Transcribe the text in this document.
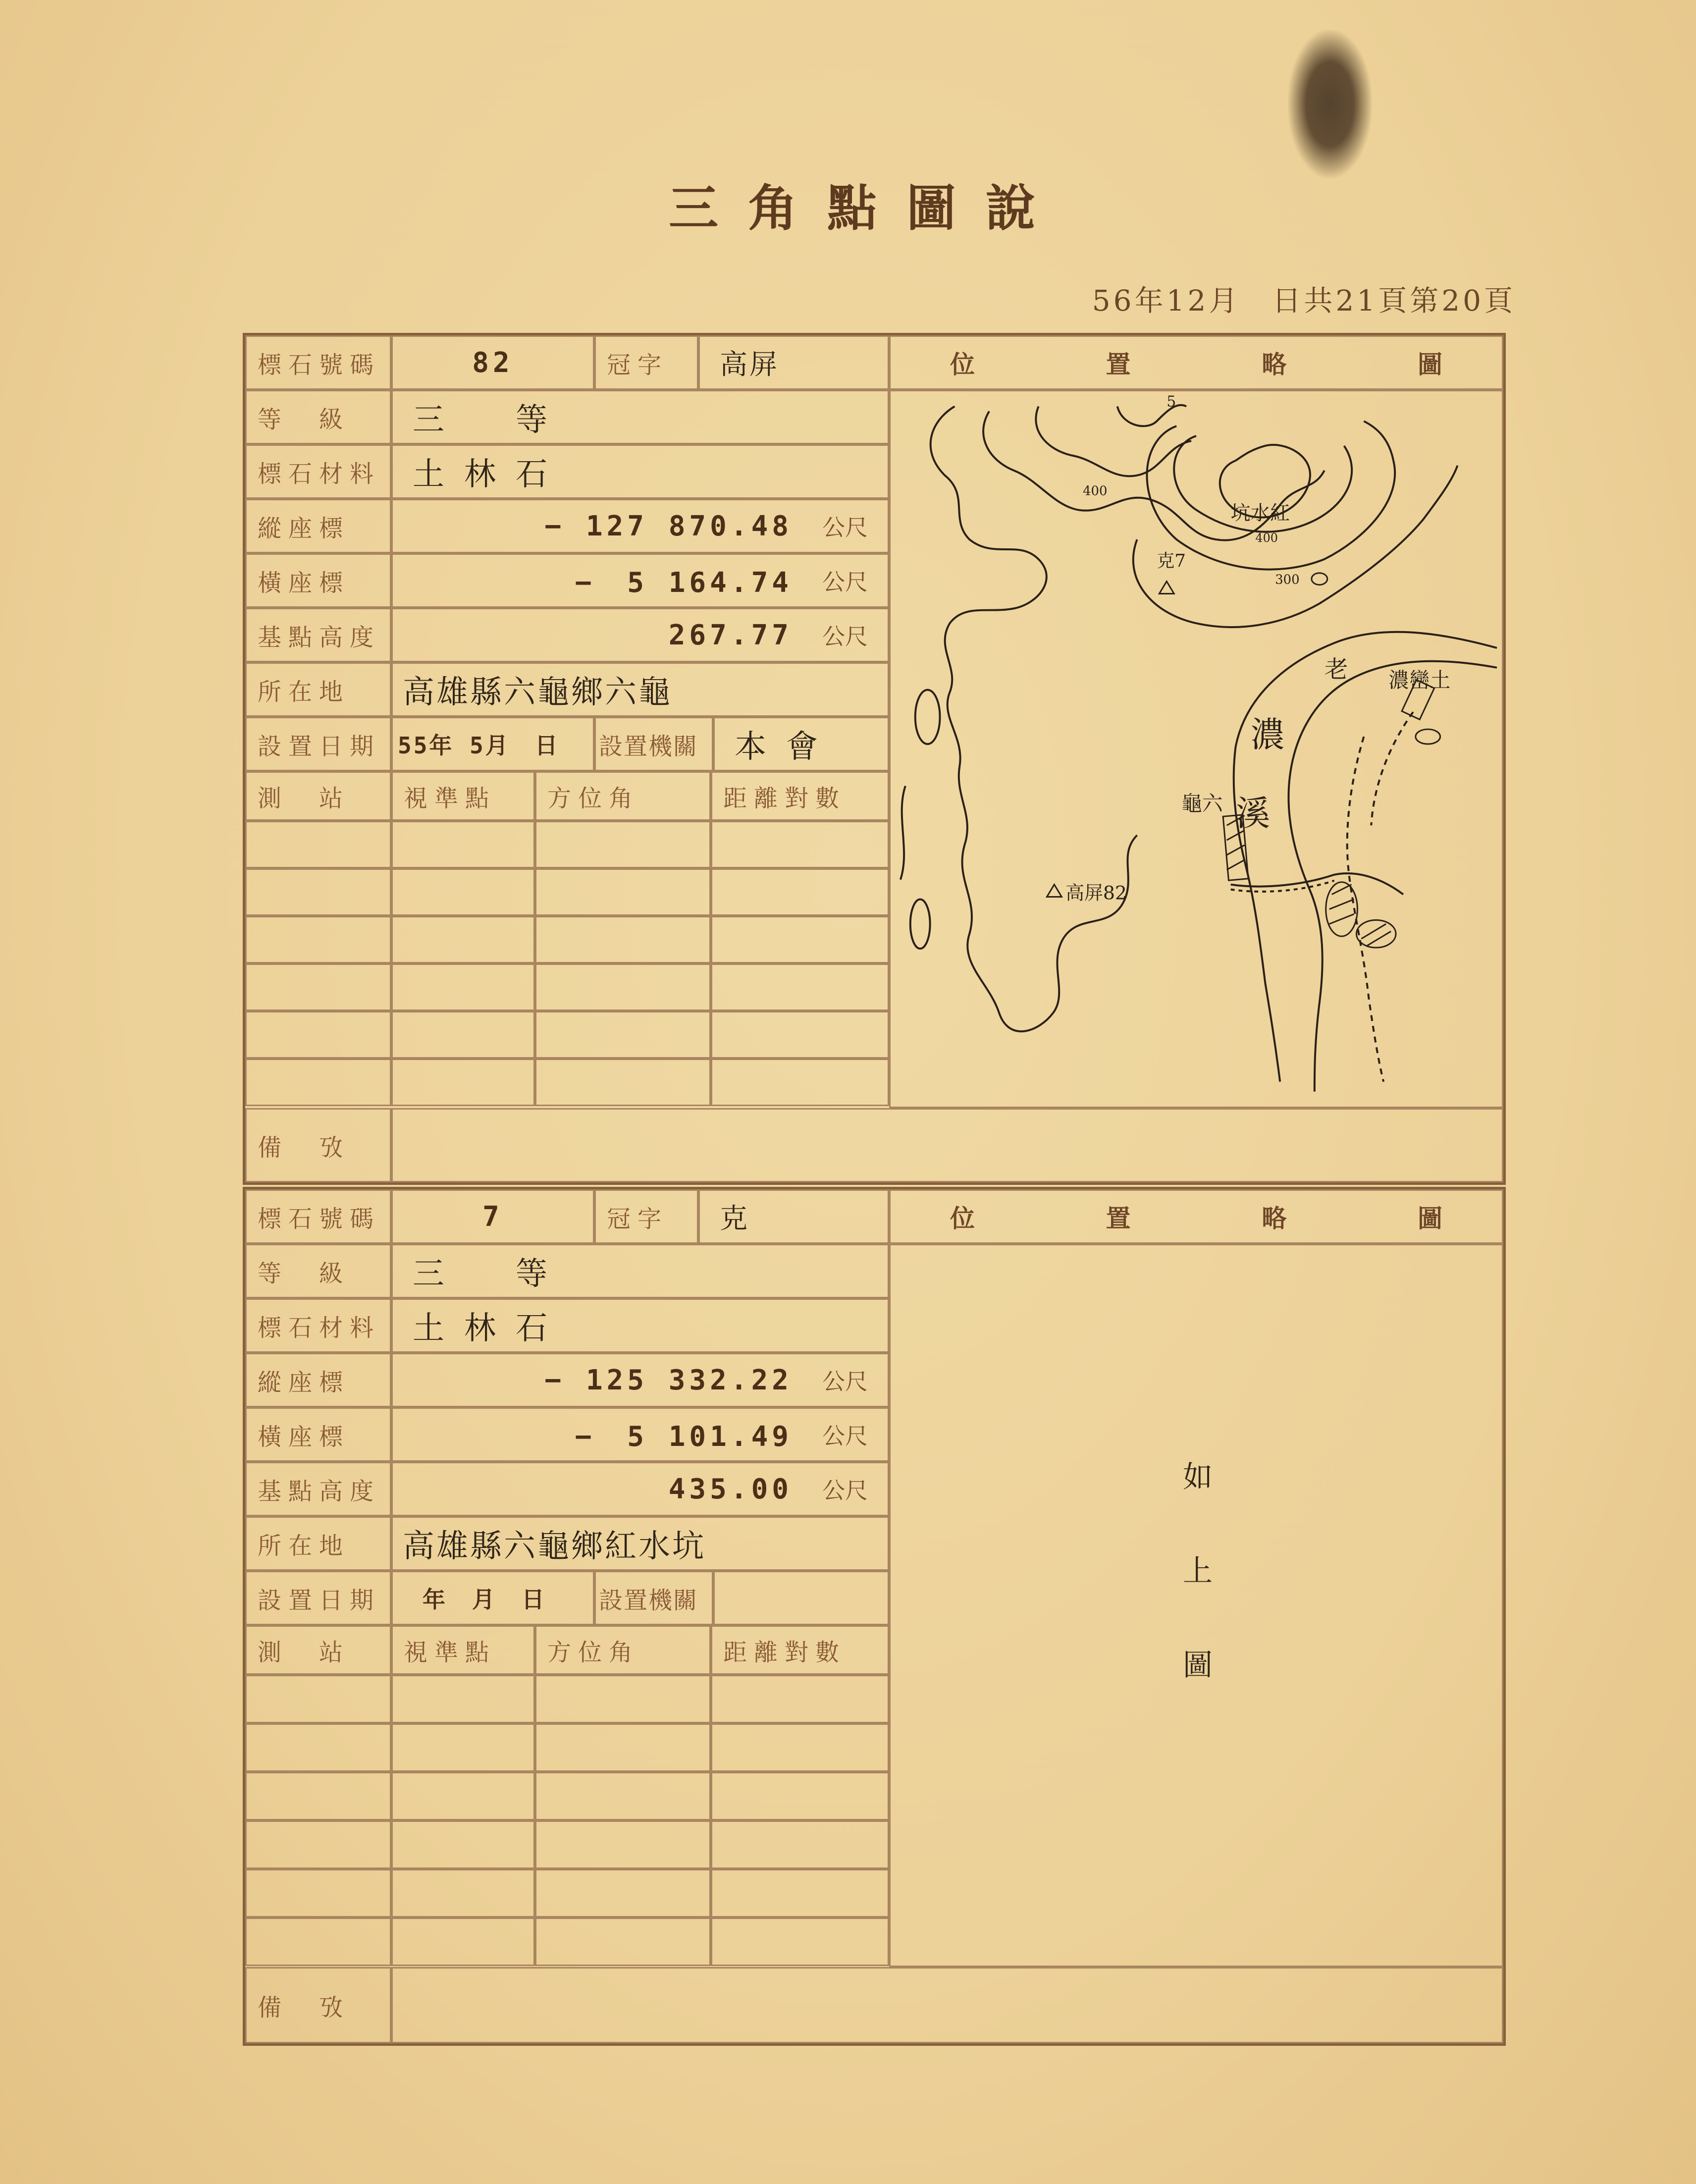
三角點圖說
56年12月　日共21頁第20頁
標石號碼	82	冠字	高屏
等　級	三　等
標石材料	土林石
縱座標	− 127 870.48 公尺
橫座標	−　5 164.74 公尺
基點高度	267.77 公尺
所在地	高雄縣六龜鄉六龜
設置日期 55年 5月　日	設置機關	本會
測　站	視準點	方位角	距離對數
備　攷
位	置	略	圖
5
400
400
300
坑水紅
克7
濃
溪
老 濃巒土
龜六
高屏82
標石號碼	7	冠字	克
等　級	三　等
標石材料	土林石
縱座標	− 125 332.22 公尺
橫座標	−　5 101.49 公尺
基點高度	435.00 公尺
所在地	高雄縣六龜鄉紅水坑
設置日期	年　月　日	設置機關
測　站	視準點	方位角	距離對數
備　攷
位	置	略	圖
如
上
圖
